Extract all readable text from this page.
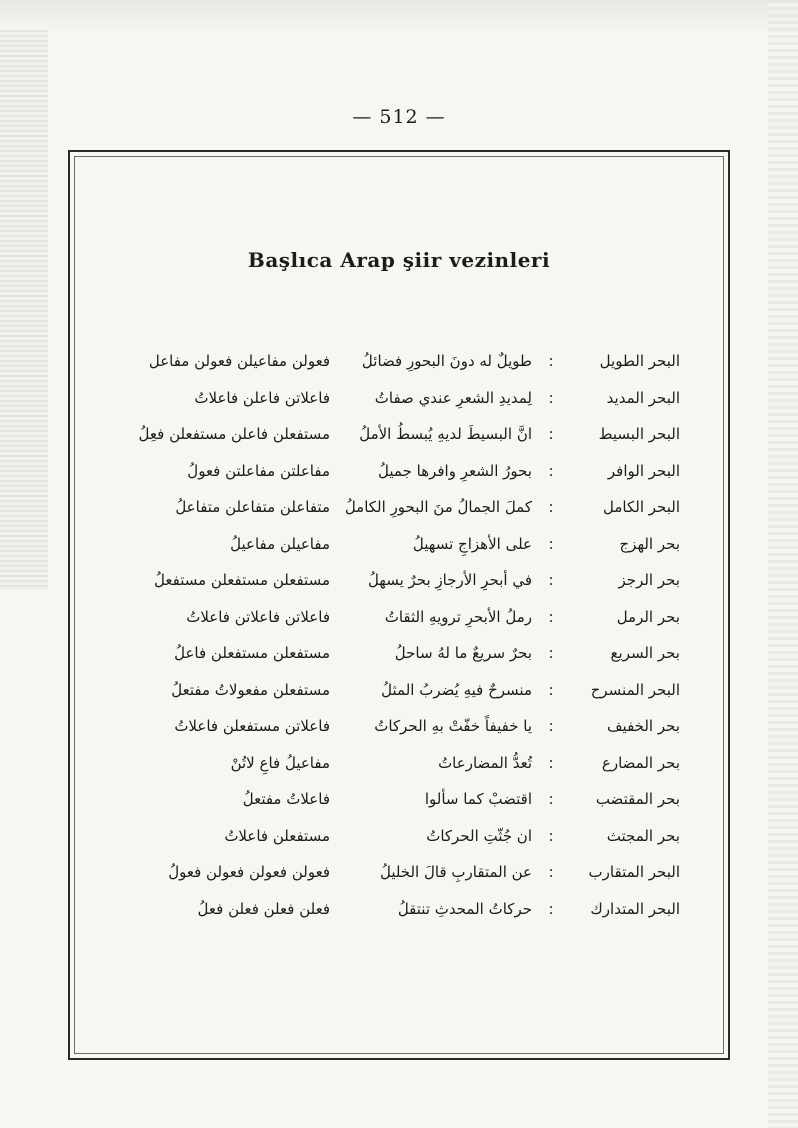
— 512 —
Başlıca Arap şiir vezinleri
البحر الطويل
:
طويلٌ له دونَ البحورِ فضائلُ
فعولن مفاعيلن فعولن مفاعل
البحر المديد
:
لِمديدِ الشعرِ عندي صفاتُ
فاعلاتن فاعلن فاعلاتُ
البحر البسيط
:
انَّ البسيطَ لديهِ يُبسطُ الأملُ
مستفعلن فاعلن مستفعلن فعِلُ
البحر الوافر
:
بحورُ الشعرِ وافرها جميلُ
مفاعلتن مفاعلتن فعولُ
البحر الكامل
:
كملَ الجمالُ منَ البحورِ الكاملُ
متفاعلن متفاعلن متفاعلُ
بحر الهزج
:
على الأهزاجِ تسهيلُ
مفاعيلن مفاعيلُ
بحر الرجز
:
في أبحرِ الأرجازِ بحرٌ يسهلُ
مستفعلن مستفعلن مستفعلُ
بحر الرمل
:
رملُ الأبحرِ ترويهِ الثقاتُ
فاعلاتن فاعلاتن فاعلاتُ
بحر السريع
:
بحرٌ سريعٌ ما لهُ ساحلُ
مستفعلن مستفعلن فاعلُ
البحر المنسرح
:
منسرحٌ فيهِ يُضربُ المثلُ
مستفعلن مفعولاتُ مفتعلُ
بحر الخفيف
:
يا خفيفاً خفّتْ بهِ الحركاتُ
فاعلاتن مستفعلن فاعلاتُ
بحر المضارع
:
تُعدُّ المضارعاتُ
مفاعيلُ فاعِ لاتُنْ
بحر المقتضب
:
اقتضبْ كما سألوا
فاعلاتُ مفتعلُ
بحر المجتث
:
ان جُثّتِ الحركاتُ
مستفعلن فاعلاتُ
البحر المتقارب
:
عن المتقاربِ قالَ الخليلُ
فعولن فعولن فعولن فعولُ
البحر المتدارك
:
حركاتُ المحدثِ تنتقلُ
فعلن فعلن فعلن فعلُ
